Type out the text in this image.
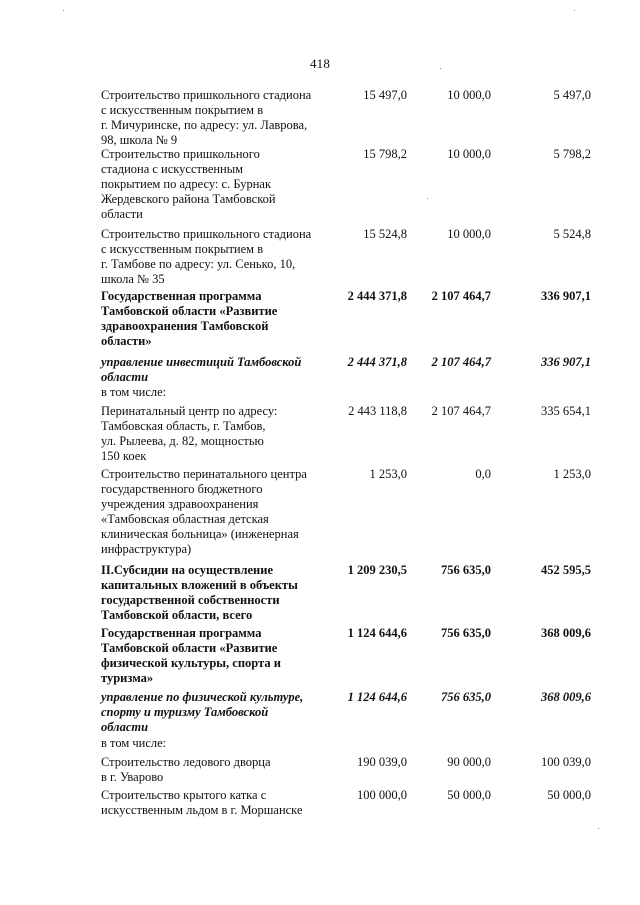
418
Строительство пришкольного стадиона
с искусственным покрытием в
г. Мичуринске, по адресу: ул. Лаврова,
98, школа № 9
15 497,0	10 000,0	5 497,0
Строительство пришкольного
стадиона с искусственным
покрытием по адресу: с. Бурнак
Жердевского района Тамбовской
области
15 798,2	10 000,0	5 798,2
Строительство пришкольного стадиона
с искусственным покрытием в
г. Тамбове по адресу: ул. Сенько, 10,
школа № 35
15 524,8	10 000,0	5 524,8
Государственная программа
Тамбовской области «Развитие
здравоохранения Тамбовской
области»
2 444 371,8	2 107 464,7	336 907,1
управление инвестиций Тамбовской
области
2 444 371,8	2 107 464,7	336 907,1
в том числе:
Перинатальный центр по адресу:
Тамбовская область, г. Тамбов,
ул. Рылеева, д. 82, мощностью
150 коек
2 443 118,8	2 107 464,7	335 654,1
Строительство перинатального центра
государственного бюджетного
учреждения здравоохранения
«Тамбовская областная детская
клиническая больница» (инженерная
инфраструктура)
1 253,0	0,0	1 253,0
II.Субсидии на осуществление
капитальных вложений в объекты
государственной собственности
Тамбовской области, всего
1 209 230,5	756 635,0	452 595,5
Государственная программа
Тамбовской области «Развитие
физической культуры, спорта и
туризма»
1 124 644,6	756 635,0	368 009,6
управление по физической культуре,
спорту и туризму Тамбовской
области
1 124 644,6	756 635,0	368 009,6
в том числе:
Строительство ледового дворца
в г. Уварово
190 039,0	90 000,0	100 039,0
Строительство крытого катка с
искусственным льдом в г. Моршанске
100 000,0	50 000,0	50 000,0
